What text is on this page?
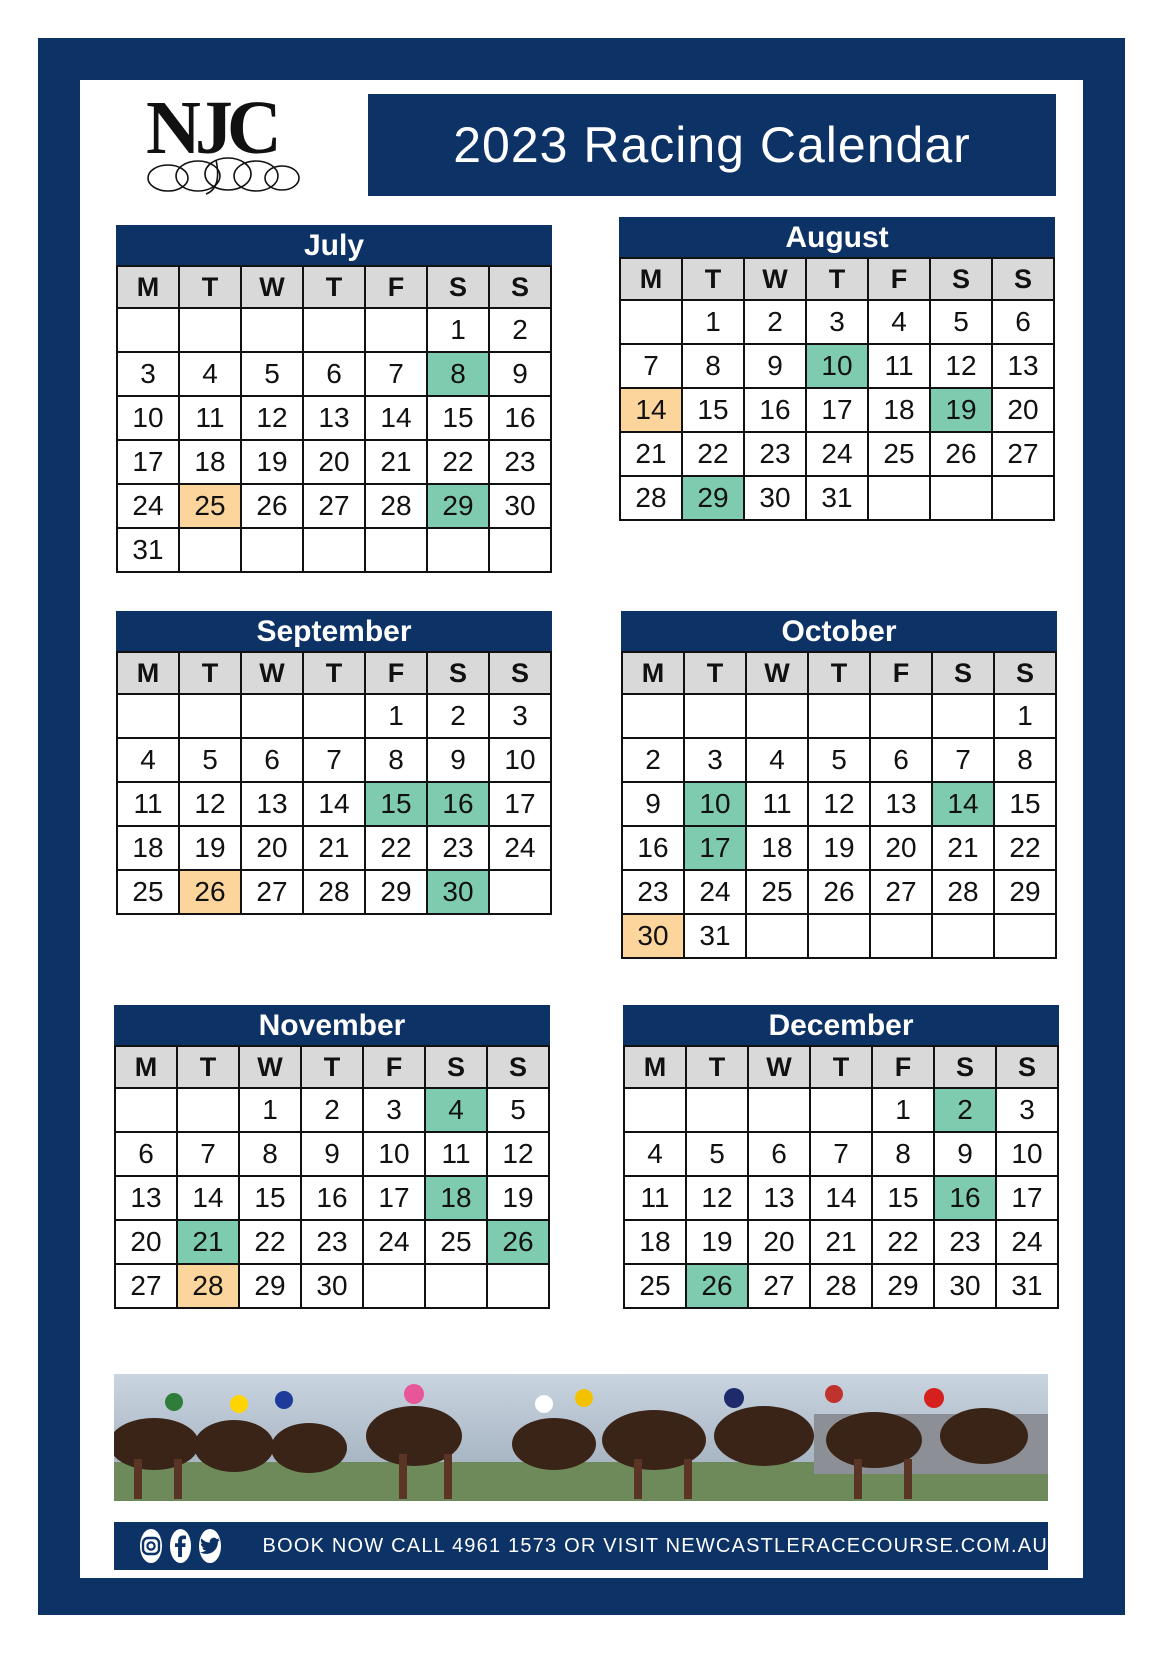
NJC	2023 Racing Calendar
July
M	T	W	T	F	S	S
					1	2
3	4	5	6	7	8	9
10	11	12	13	14	15	16
17	18	19	20	21	22	23
24	25	26	27	28	29	30
31						
August
M	T	W	T	F	S	S
	1	2	3	4	5	6
7	8	9	10	11	12	13
14	15	16	17	18	19	20
21	22	23	24	25	26	27
28	29	30	31			
September
M	T	W	T	F	S	S
				1	2	3
4	5	6	7	8	9	10
11	12	13	14	15	16	17
18	19	20	21	22	23	24
25	26	27	28	29	30	
October
M	T	W	T	F	S	S
						1
2	3	4	5	6	7	8
9	10	11	12	13	14	15
16	17	18	19	20	21	22
23	24	25	26	27	28	29
30	31					
November
M	T	W	T	F	S	S
		1	2	3	4	5
6	7	8	9	10	11	12
13	14	15	16	17	18	19
20	21	22	23	24	25	26
27	28	29	30			
December
M	T	W	T	F	S	S
				1	2	3
4	5	6	7	8	9	10
11	12	13	14	15	16	17
18	19	20	21	22	23	24
25	26	27	28	29	30	31
BOOK NOW CALL 4961 1573 OR VISIT NEWCASTLERACECOURSE.COM.AU
